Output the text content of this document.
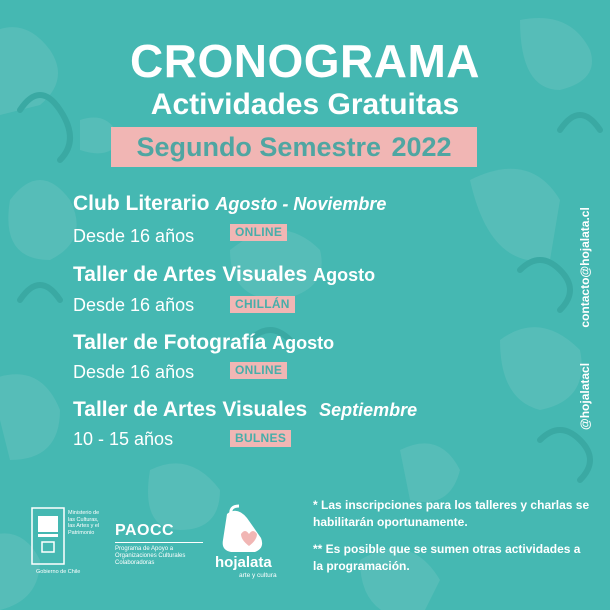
CRONOGRAMA
Actividades Gratuitas
Segundo Semestre 2022
Club Literario Agosto - Noviembre
Desde 16 años	ONLINE
Taller de Artes Visuales Agosto
Desde 16 años	CHILLÁN
Taller de Fotografía Agosto
Desde 16 años	ONLINE
Taller de Artes Visuales Septiembre
10 - 15 años	BULNES
@hojalatacl contacto@hojalata.cl
* Las inscripciones para los talleres y charlas se habilitarán oportunamente.
** Es posible que se sumen otras actividades a la programación.
Ministerio de
las Culturas,
las Artes y el
Patrimonio
Gobierno de Chile
PAOCC
Programa de Apoyo a Organizaciones Culturales Colaboradoras	hojalata
arte y cultura
